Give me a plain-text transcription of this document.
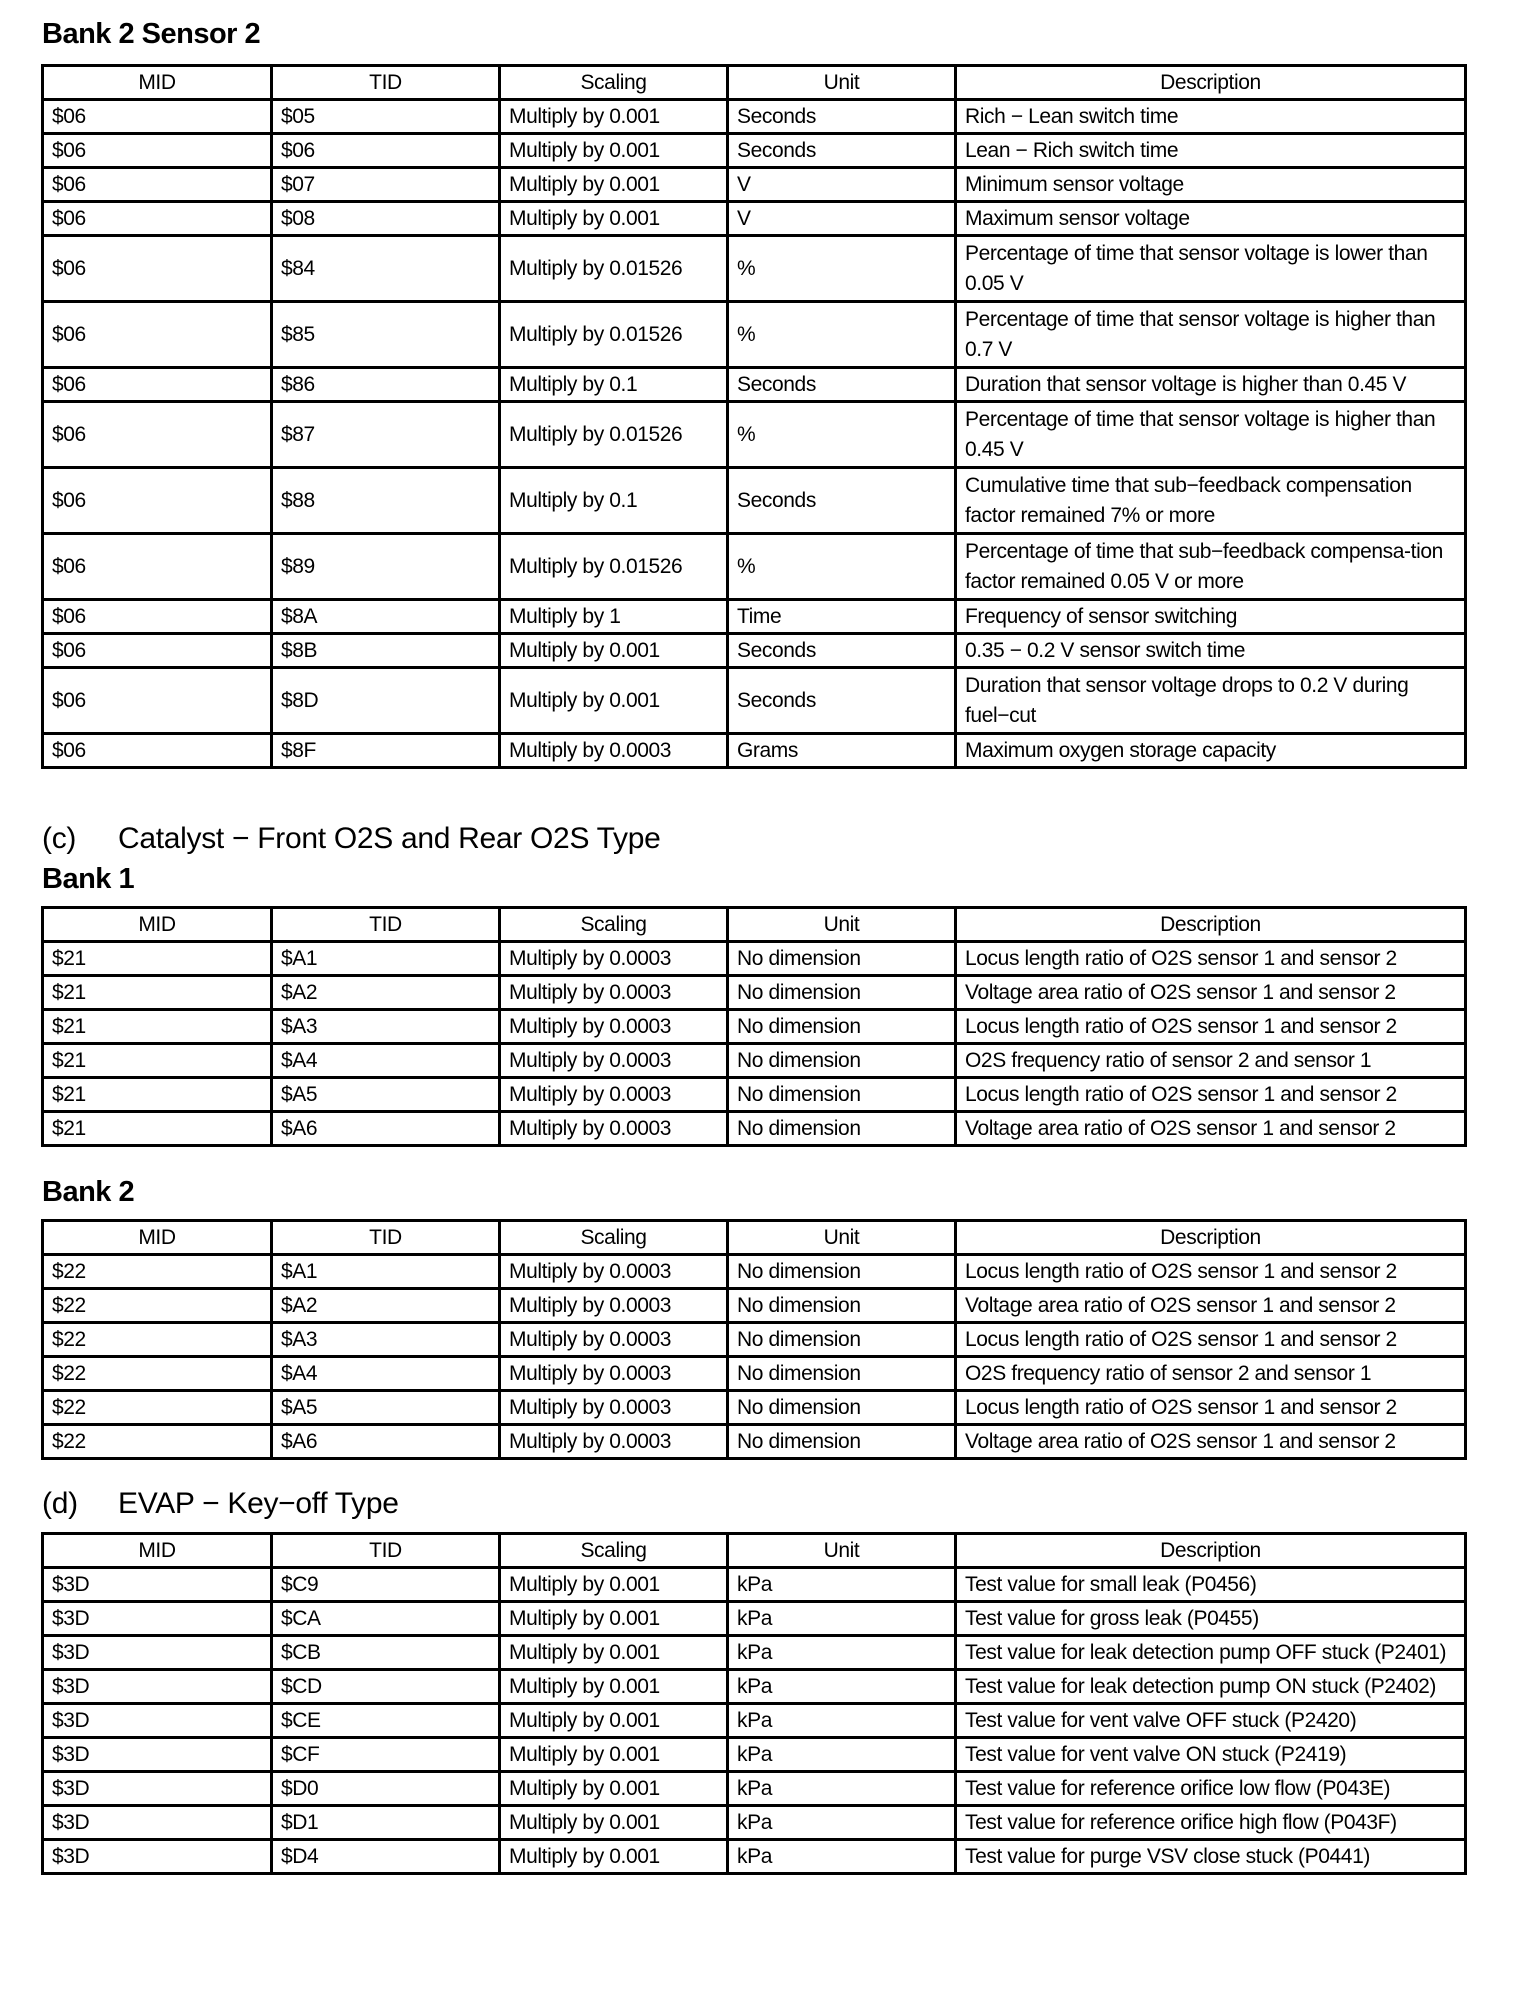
Bank 2 Sensor 2
MID	TID	Scaling	Unit	Description
$06	$05	Multiply by 0.001	Seconds	Rich − Lean switch time
$06	$06	Multiply by 0.001	Seconds	Lean − Rich switch time
$06	$07	Multiply by 0.001	V	Minimum sensor voltage
$06	$08	Multiply by 0.001	V	Maximum sensor voltage
$06	$84	Multiply by 0.01526	%	Percentage of time that sensor voltage is lower than 0.05 V
$06	$85	Multiply by 0.01526	%	Percentage of time that sensor voltage is higher than 0.7 V
$06	$86	Multiply by 0.1	Seconds	Duration that sensor voltage is higher than 0.45 V
$06	$87	Multiply by 0.01526	%	Percentage of time that sensor voltage is higher than 0.45 V
$06	$88	Multiply by 0.1	Seconds	Cumulative time that sub−feedback compensation factor remained 7% or more
$06	$89	Multiply by 0.01526	%	Percentage of time that sub−feedback compensa-tion factor remained 0.05 V or more
$06	$8A	Multiply by 1	Time	Frequency of sensor switching
$06	$8B	Multiply by 0.001	Seconds	0.35 − 0.2 V sensor switch time
$06	$8D	Multiply by 0.001	Seconds	Duration that sensor voltage drops to 0.2 V during fuel−cut
$06	$8F	Multiply by 0.0003	Grams	Maximum oxygen storage capacity
(c) Catalyst − Front O2S and Rear O2S Type
Bank 1
MID	TID	Scaling	Unit	Description
$21	$A1	Multiply by 0.0003	No dimension	Locus length ratio of O2S sensor 1 and sensor 2
$21	$A2	Multiply by 0.0003	No dimension	Voltage area ratio of O2S sensor 1 and sensor 2
$21	$A3	Multiply by 0.0003	No dimension	Locus length ratio of O2S sensor 1 and sensor 2
$21	$A4	Multiply by 0.0003	No dimension	O2S frequency ratio of sensor 2 and sensor 1
$21	$A5	Multiply by 0.0003	No dimension	Locus length ratio of O2S sensor 1 and sensor 2
$21	$A6	Multiply by 0.0003	No dimension	Voltage area ratio of O2S sensor 1 and sensor 2
Bank 2
MID	TID	Scaling	Unit	Description
$22	$A1	Multiply by 0.0003	No dimension	Locus length ratio of O2S sensor 1 and sensor 2
$22	$A2	Multiply by 0.0003	No dimension	Voltage area ratio of O2S sensor 1 and sensor 2
$22	$A3	Multiply by 0.0003	No dimension	Locus length ratio of O2S sensor 1 and sensor 2
$22	$A4	Multiply by 0.0003	No dimension	O2S frequency ratio of sensor 2 and sensor 1
$22	$A5	Multiply by 0.0003	No dimension	Locus length ratio of O2S sensor 1 and sensor 2
$22	$A6	Multiply by 0.0003	No dimension	Voltage area ratio of O2S sensor 1 and sensor 2
(d) EVAP − Key−off Type
MID	TID	Scaling	Unit	Description
$3D	$C9	Multiply by 0.001	kPa	Test value for small leak (P0456)
$3D	$CA	Multiply by 0.001	kPa	Test value for gross leak (P0455)
$3D	$CB	Multiply by 0.001	kPa	Test value for leak detection pump OFF stuck (P2401)
$3D	$CD	Multiply by 0.001	kPa	Test value for leak detection pump ON stuck (P2402)
$3D	$CE	Multiply by 0.001	kPa	Test value for vent valve OFF stuck (P2420)
$3D	$CF	Multiply by 0.001	kPa	Test value for vent valve ON stuck (P2419)
$3D	$D0	Multiply by 0.001	kPa	Test value for reference orifice low flow (P043E)
$3D	$D1	Multiply by 0.001	kPa	Test value for reference orifice high flow (P043F)
$3D	$D4	Multiply by 0.001	kPa	Test value for purge VSV close stuck (P0441)
